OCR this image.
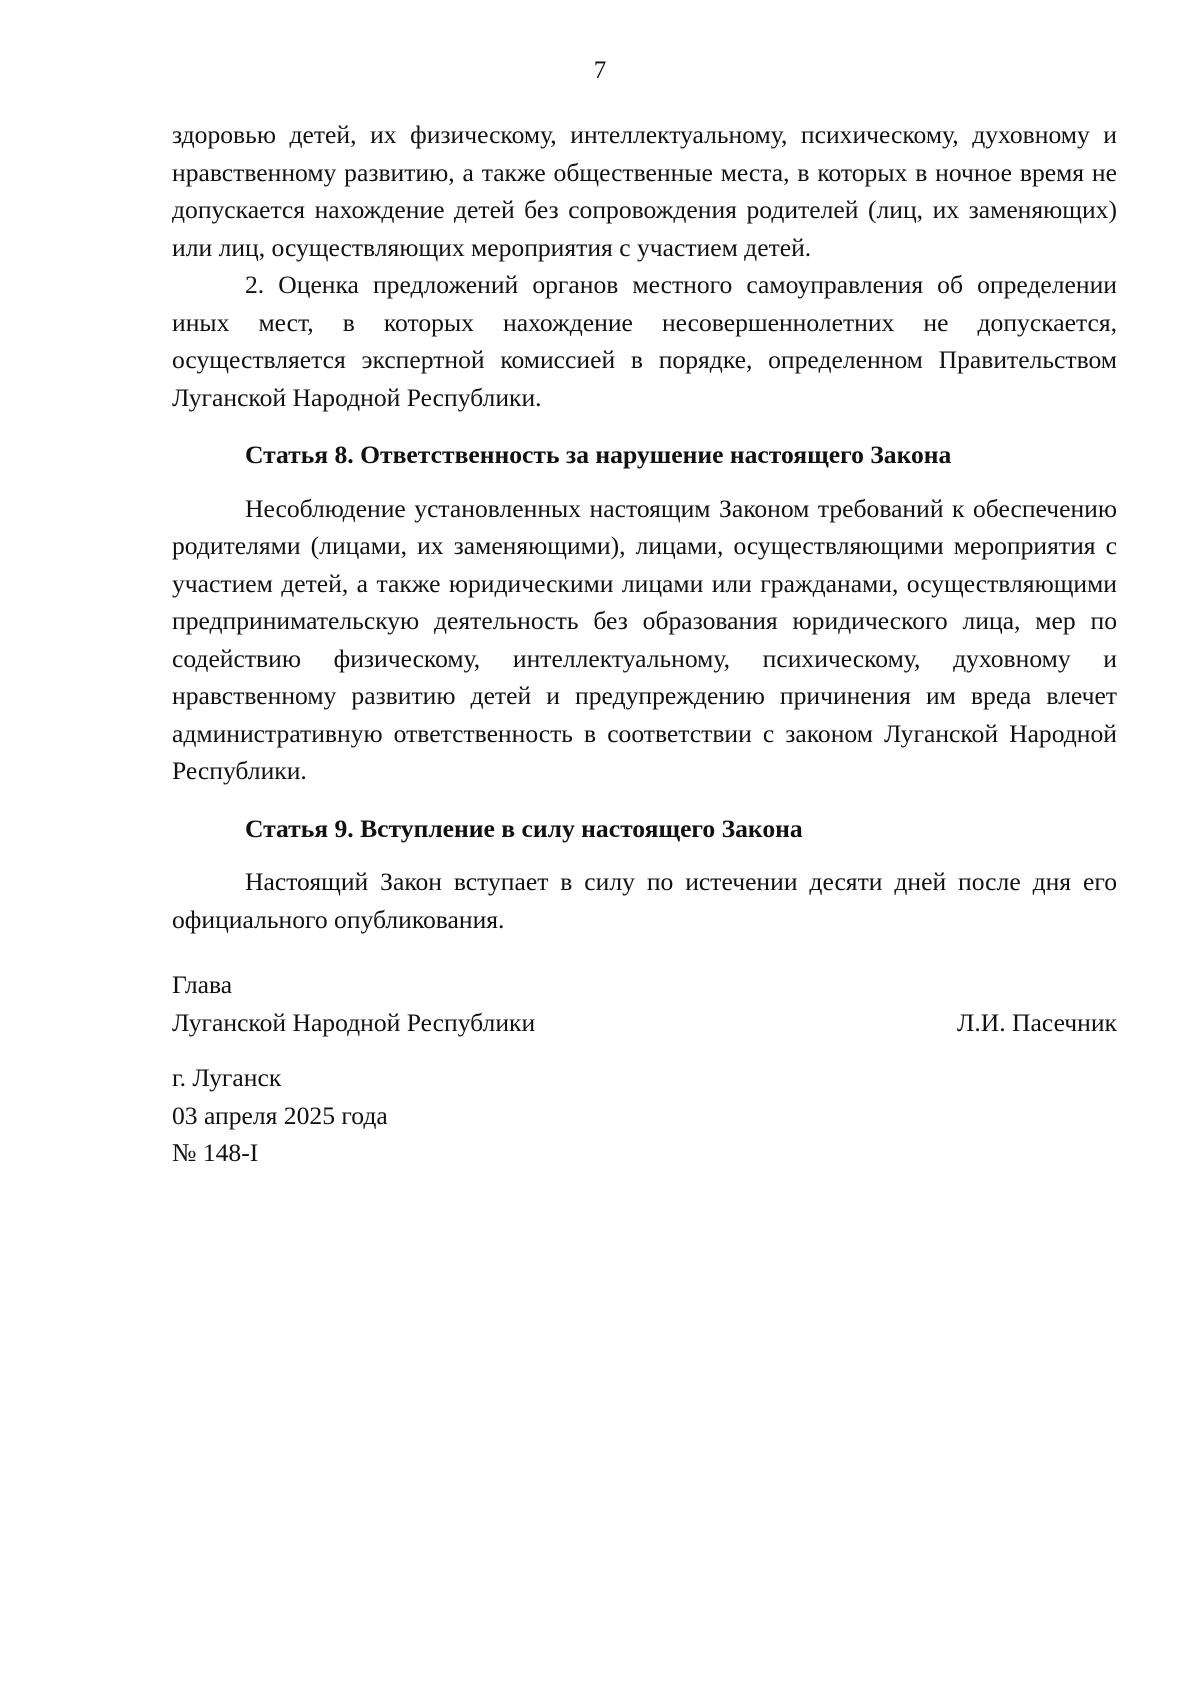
7

здоровью детей, их физическому, интеллектуальному, психическому, духовному и нравственному развитию, а также общественные места, в которых в ночное время не допускается нахождение детей без сопровождения родителей (лиц, их заменяющих) или лиц, осуществляющих мероприятия с участием детей.

2. Оценка предложений органов местного самоуправления об определении иных мест, в которых нахождение несовершеннолетних не допускается, осуществляется экспертной комиссией в порядке, определенном Правительством Луганской Народной Республики.

Статья 8. Ответственность за нарушение настоящего Закона

Несоблюдение установленных настоящим Законом требований к обеспечению родителями (лицами, их заменяющими), лицами, осуществляющими мероприятия с участием детей, а также юридическими лицами или гражданами, осуществляющими предпринимательскую деятельность без образования юридического лица, мер по содействию физическому, интеллектуальному, психическому, духовному и нравственному развитию детей и предупреждению причинения им вреда влечет административную ответственность в соответствии с законом Луганской Народной Республики.

Статья 9. Вступление в силу настоящего Закона

Настоящий Закон вступает в силу по истечении десяти дней после дня его официального опубликования.

Глава
Луганской Народной Республики	Л.И. Пасечник
г. Луганск
03 апреля 2025 года
№ 148-I
